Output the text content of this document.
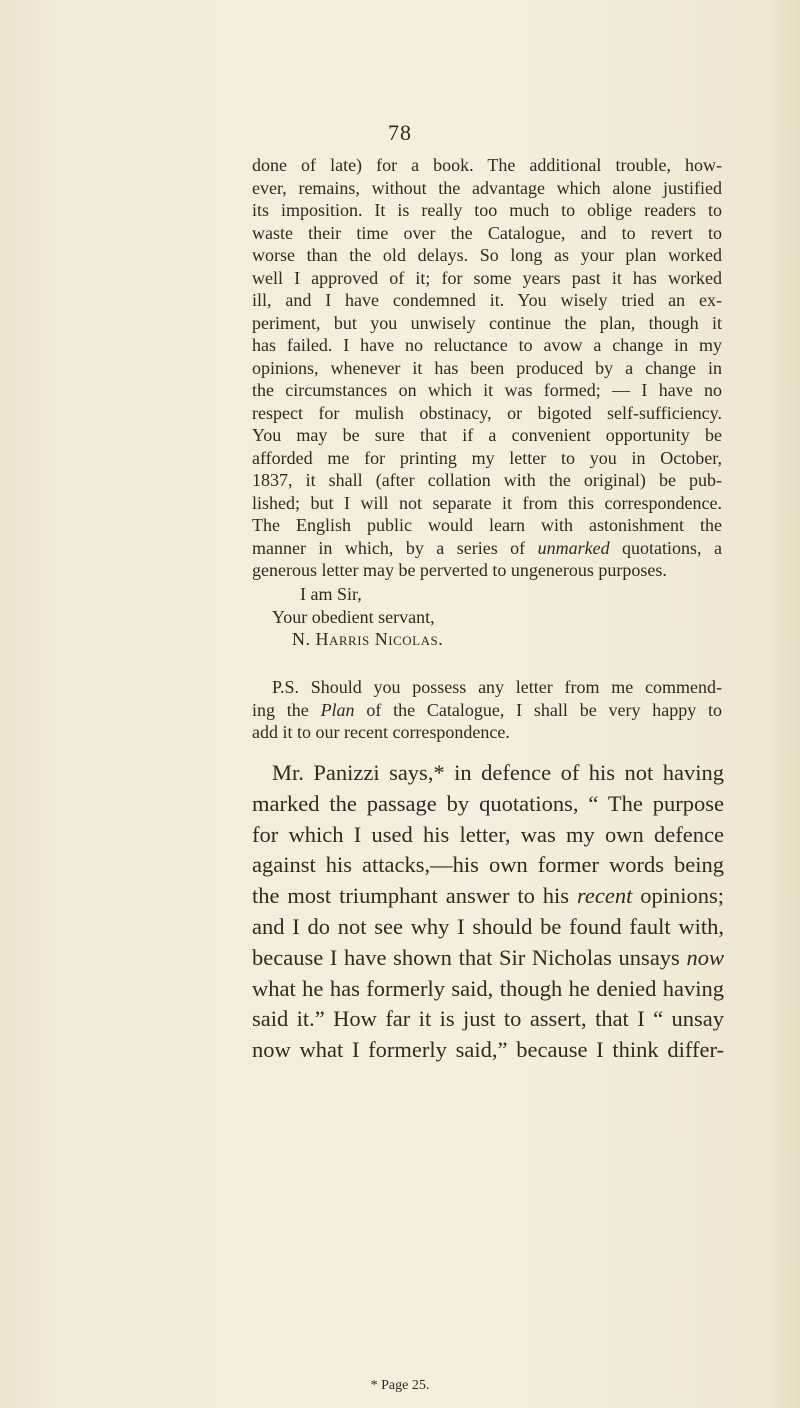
78
done of late) for a book. The additional trouble, how-
ever, remains, without the advantage which alone justified
its imposition. It is really too much to oblige readers to
waste their time over the Catalogue, and to revert to
worse than the old delays. So long as your plan worked
well I approved of it; for some years past it has worked
ill, and I have condemned it. You wisely tried an ex-
periment, but you unwisely continue the plan, though it
has failed. I have no reluctance to avow a change in my
opinions, whenever it has been produced by a change in
the circumstances on which it was formed; — I have no
respect for mulish obstinacy, or bigoted self-sufficiency.
You may be sure that if a convenient opportunity be
afforded me for printing my letter to you in October,
1837, it shall (after collation with the original) be pub-
lished; but I will not separate it from this correspondence.
The English public would learn with astonishment the
manner in which, by a series of unmarked quotations, a
generous letter may be perverted to ungenerous purposes.
I am Sir,
Your obedient servant,
N. Harris Nicolas.
P.S. Should you possess any letter from me commend-
ing the Plan of the Catalogue, I shall be very happy to
add it to our recent correspondence.
Mr. Panizzi says,* in defence of his not having
marked the passage by quotations, “ The purpose
for which I used his letter, was my own defence
against his attacks,—his own former words being
the most triumphant answer to his recent opinions;
and I do not see why I should be found fault with,
because I have shown that Sir Nicholas unsays now
what he has formerly said, though he denied having
said it.” How far it is just to assert, that I “ unsay
now what I formerly said,” because I think differ-
* Page 25.
